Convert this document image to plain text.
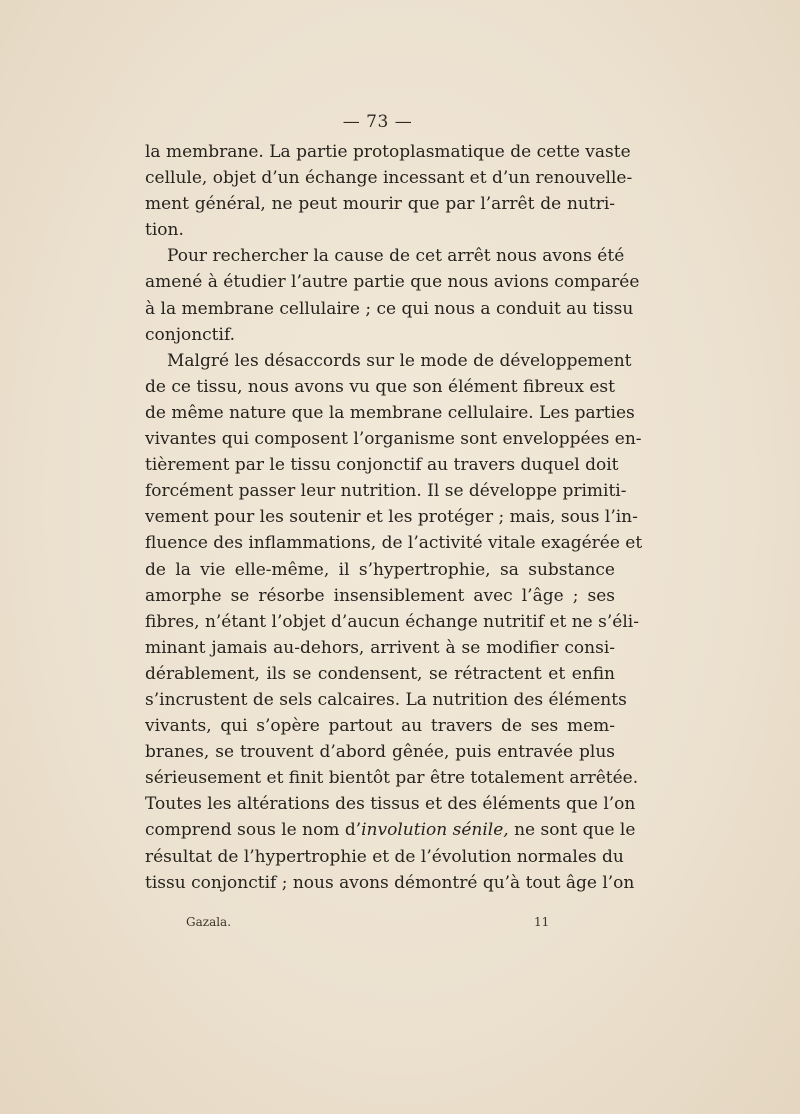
— 73 —
la membrane. La partie protoplasmatique de cette vaste
cellule, objet d’un échange incessant et d’un renouvelle-
ment général, ne peut mourir que par l’arrêt de nutri-
tion.
Pour rechercher la cause de cet arrêt nous avons été
amené à étudier l’autre partie que nous avions comparée
à la membrane cellulaire ; ce qui nous a conduit au tissu
conjonctif.
Malgré les désaccords sur le mode de développement
de ce tissu, nous avons vu que son élément fibreux est
de même nature que la membrane cellulaire. Les parties
vivantes qui composent l’organisme sont enveloppées en-
tièrement par le tissu conjonctif au travers duquel doit
forcément passer leur nutrition. Il se développe primiti-
vement pour les soutenir et les protéger ; mais, sous l’in-
fluence des inflammations, de l’activité vitale exagérée et
de la vie elle-même, il s’hypertrophie, sa substance
amorphe se résorbe insensiblement avec l’âge ; ses
fibres, n’étant l’objet d’aucun échange nutritif et ne s’éli-
minant jamais au-dehors, arrivent à se modifier consi-
dérablement, ils se condensent, se rétractent et enfin
s’incrustent de sels calcaires. La nutrition des éléments
vivants, qui s’opère partout au travers de ses mem-
branes, se trouvent d’abord gênée, puis entravée plus
sérieusement et finit bientôt par être totalement arrêtée.
Toutes les altérations des tissus et des éléments que l’on
comprend sous le nom d’involution sénile, ne sont que le
résultat de l’hypertrophie et de l’évolution normales du
tissu conjonctif ; nous avons démontré qu’à tout âge l’on
Gazala.	11
